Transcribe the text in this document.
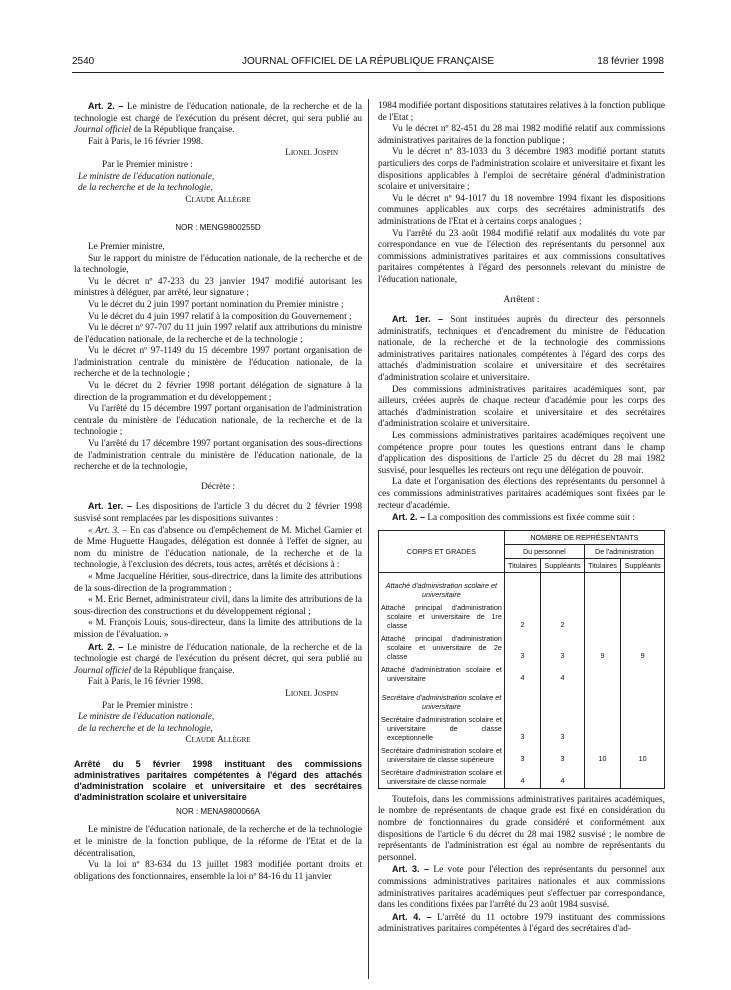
2540	JOURNAL OFFICIEL DE LA RÉPUBLIQUE FRANÇAISE	18 février 1998

Art. 2. – Le ministre de l'éducation nationale, de la recherche et de la technologie est chargé de l'exécution du présent décret, qui sera publié au Journal officiel de la République française.

Fait à Paris, le 16 février 1998.

Lionel Jospin

Par le Premier ministre :

Le ministre de l'éducation nationale,

de la recherche et de la technologie,

Claude Allègre

NOR : MENG9800255D

Le Premier ministre,

Sur le rapport du ministre de l'éducation nationale, de la recherche et de la technologie,

Vu le décret nº 47-233 du 23 janvier 1947 modifié autorisant les ministres à déléguer, par arrêté, leur signature ;

Vu le décret du 2 juin 1997 portant nomination du Premier ministre ;

Vu le décret du 4 juin 1997 relatif à la composition du Gouvernement ;

Vu le décret nº 97-707 du 11 juin 1997 relatif aux attributions du ministre de l'éducation nationale, de la recherche et de la technologie ;

Vu le décret nº 97-1149 du 15 décembre 1997 portant organisation de l'administration centrale du ministère de l'éducation nationale, de la recherche et de la technologie ;

Vu le décret du 2 février 1998 portant délégation de signature à la direction de la programmation et du développement ;

Vu l'arrêté du 15 décembre 1997 portant organisation de l'administration centrale du ministère de l'éducation nationale, de la recherche et de la technologie ;

Vu l'arrêté du 17 décembre 1997 portant organisation des sous-directions de l'administration centrale du ministère de l'éducation nationale, de la recherche et de la technologie,

Décrète :

Art. 1er. – Les dispositions de l'article 3 du décret du 2 février 1998 susvisé sont remplacées par les dispositions suivantes :

« Art. 3. – En cas d'absence ou d'empêchement de M. Michel Garnier et de Mme Huguette Haugades, délégation est donnée à l'effet de signer, au nom du ministre de l'éducation nationale, de la recherche et de la technologie, à l'exclusion des décrets, tous actes, arrêtés et décisions à :

« Mme Jacqueline Héritier, sous-directrice, dans la limite des attributions de la sous-direction de la programmation ;

« M. Eric Bernet, administrateur civil, dans la limite des attributions de la sous-direction des constructions et du développement régional ;

« M. François Louis, sous-directeur, dans la limite des attributions de la mission de l'évaluation. »

Art. 2. – Le ministre de l'éducation nationale, de la recherche et de la technologie est chargé de l'exécution du présent décret, qui sera publié au Journal officiel de la République française.

Fait à Paris, le 16 février 1998.

Lionel Jospin

Par le Premier ministre :

Le ministre de l'éducation nationale,

de la recherche et de la technologie,

Claude Allègre

Arrêté du 5 février 1998 instituant des commissions administratives paritaires compétentes à l'égard des attachés d'administration scolaire et universitaire et des secrétaires d'administration scolaire et universitaire

NOR : MENA9800066A

Le ministre de l'éducation nationale, de la recherche et de la technologie et le ministre de la fonction publique, de la réforme de l'Etat et de la décentralisation,

Vu la loi nº 83-634 du 13 juillet 1983 modifiée portant droits et obligations des fonctionnaires, ensemble la loi nº 84-16 du 11 janvier

1984 modifiée portant dispositions statutaires relatives à la fonction publique de l'Etat ;

Vu le décret nº 82-451 du 28 mai 1982 modifié relatif aux commissions administratives paritaires de la fonction publique ;

Vu le décret nº 83-1033 du 3 décembre 1983 modifié portant statuts particuliers des corps de l'administration scolaire et universitaire et fixant les dispositions applicables à l'emploi de secrétaire général d'administration scolaire et universitaire ;

Vu le décret nº 94-1017 du 18 novembre 1994 fixant les dispositions communes applicables aux corps des secrétaires administratifs des administrations de l'Etat et à certains corps analogues ;

Vu l'arrêté du 23 août 1984 modifié relatif aux modalités du vote par correspondance en vue de l'élection des représentants du personnel aux commissions administratives paritaires et aux commissions consultatives paritaires compétentes à l'égard des personnels relevant du ministre de l'éducation nationale,

Arrêtent :

Art. 1er. – Sont instituées auprès du directeur des personnels administratifs, techniques et d'encadrement du ministre de l'éducation nationale, de la recherche et de la technologie des commissions administratives paritaires nationales compétentes à l'égard des corps des attachés d'administration scolaire et universitaire et des secrétaires d'administration scolaire et universitaire.

Des commissions administratives paritaires académiques sont, par ailleurs, créées auprès de chaque recteur d'académie pour les corps des attachés d'administration scolaire et universitaire et des secrétaires d'administration scolaire et universitaire.

Les commissions administratives paritaires académiques reçoivent une compétence propre pour toutes les questions entrant dans le champ d'application des dispositions de l'article 25 du décret du 28 mai 1982 susvisé, pour lesquelles les recteurs ont reçu une délégation de pouvoir.

La date et l'organisation des élections des représentants du personnel à ces commissions administratives paritaires académiques sont fixées par le recteur d'académie.

Art. 2. – La composition des commissions est fixée comme suit :

CORPS ET GRADES	NOMBRE DE REPRÉSENTANTS			
	Du personnel		De l'administration	
	Titulaires	Suppléants	Titulaires	Suppléants
Attaché d'administration scolaire et universitaire				
Attaché principal d'administration scolaire et universitaire de 1re classe	2	2		
Attaché principal d'administration scolaire et universitaire de 2e classe	3	3	9	9
Attaché d'administration scolaire et universitaire	4	4		
Secrétaire d'administration scolaire et universitaire				
Secrétaire d'administration scolaire et universitaire de classe exceptionnelle	3	3		
Secrétaire d'administration scolaire et universitaire de classe supérieure	3	3	10	10
Secrétaire d'administration scolaire et universitaire de classe normale	4	4		

Toutefois, dans les commissions administratives paritaires académiques, le nombre de représentants de chaque grade est fixé en considération du nombre de fonctionnaires du grade considéré et conformément aux dispositions de l'article 6 du décret du 28 mai 1982 susvisé ; le nombre de représentants de l'administration est égal au nombre de représentants du personnel.

Art. 3. – Le vote pour l'élection des représentants du personnel aux commissions administratives paritaires nationales et aux commissions administratives paritaires académiques peut s'effectuer par correspondance, dans les conditions fixées par l'arrêté du 23 août 1984 susvisé.

Art. 4. – L'arrêté du 11 octobre 1979 instituant des commissions administratives paritaires compétentes à l'égard des secrétaires d'ad-
